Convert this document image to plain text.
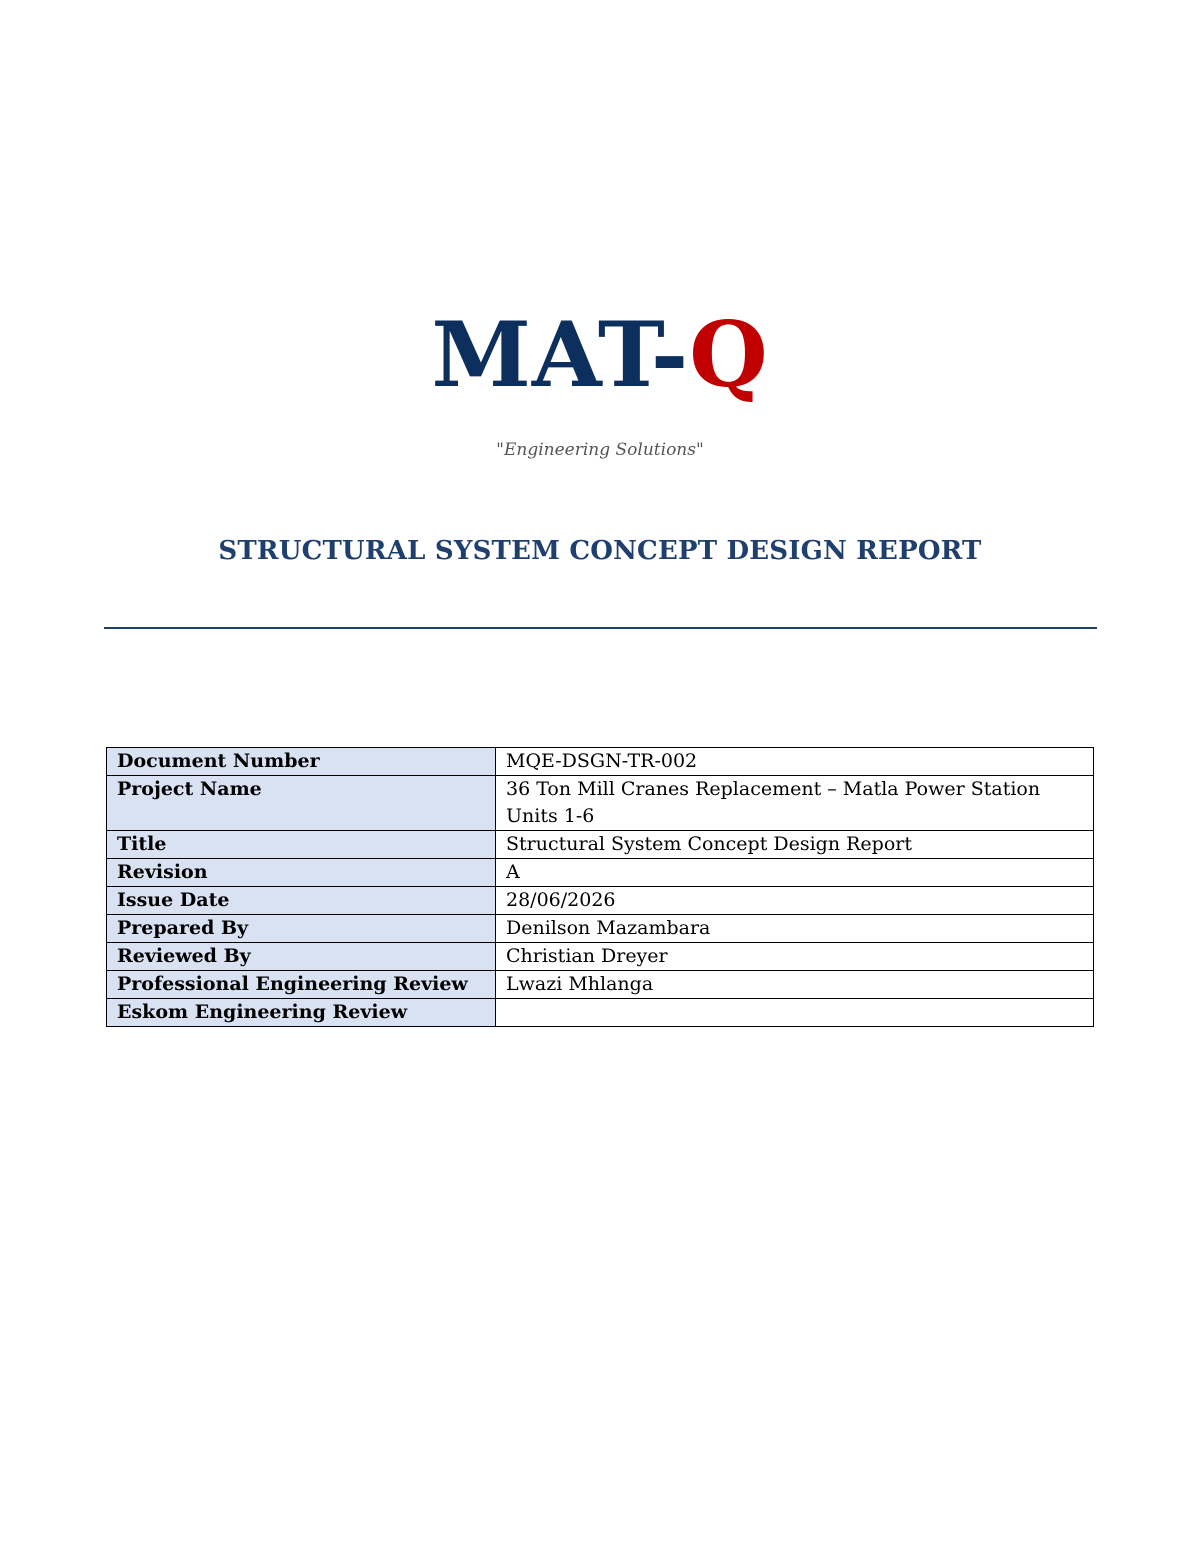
MAT-Q
"Engineering Solutions"
STRUCTURAL SYSTEM CONCEPT DESIGN REPORT
Document Number	MQE-DSGN-TR-002
Project Name	36 Ton Mill Cranes Replacement – Matla Power Station Units 1-6
Title	Structural System Concept Design Report
Revision	A
Issue Date	28/06/2026
Prepared By	Denilson Mazambara
Reviewed By	Christian Dreyer
Professional Engineering Review	Lwazi Mhlanga
Eskom Engineering Review	
